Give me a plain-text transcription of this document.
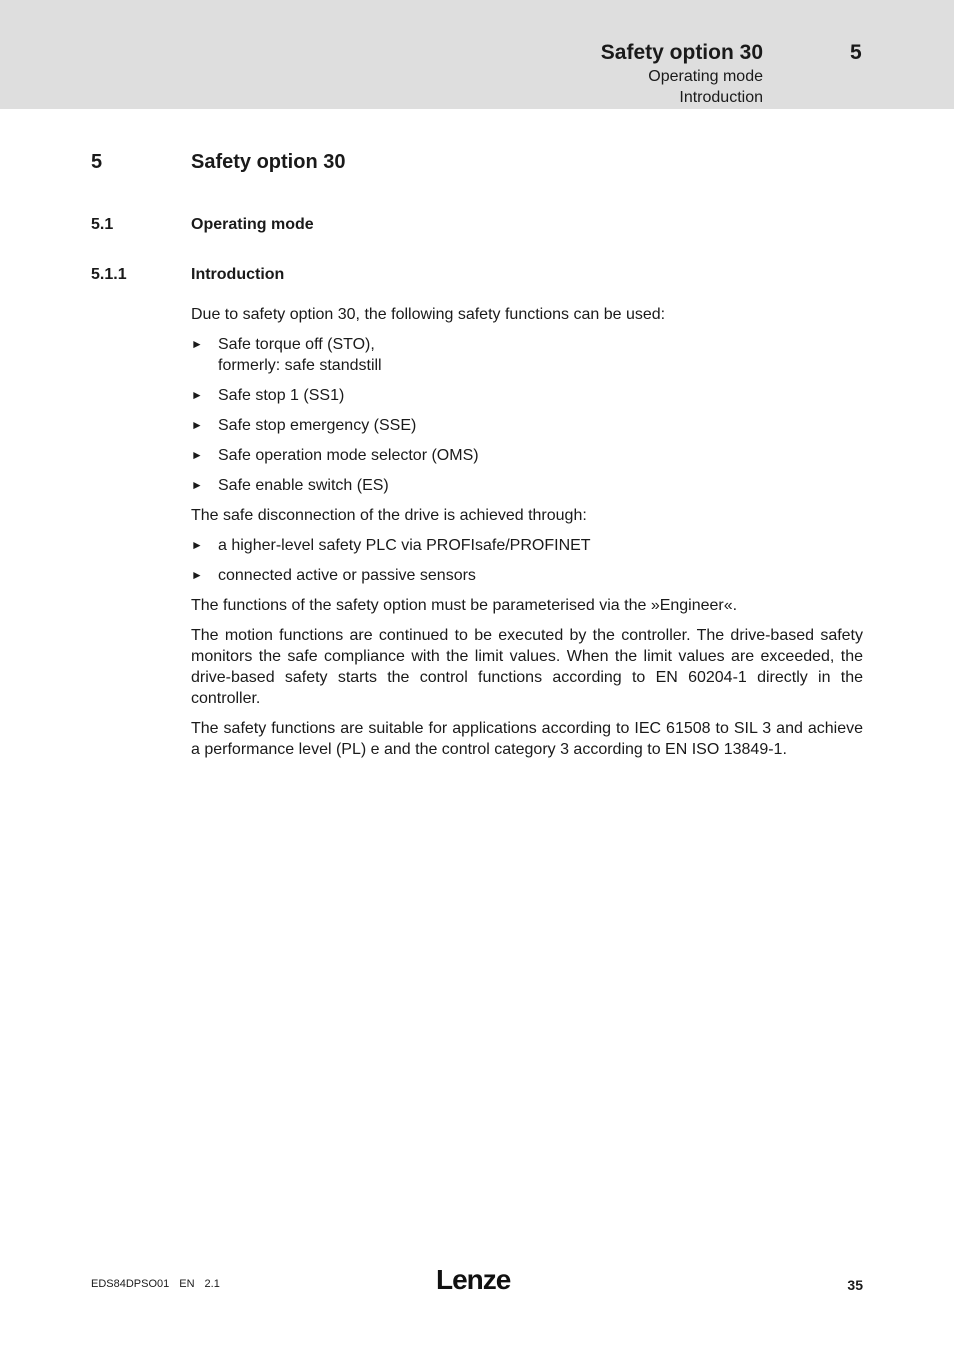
Safety option 30	5
Operating mode
Introduction
5	Safety option 30
5.1	Operating mode
5.1.1	Introduction

Due to safety option 30, the following safety functions can be used:

► Safe torque off (STO),
formerly: safe standstill
► Safe stop 1 (SS1)
► Safe stop emergency (SSE)
► Safe operation mode selector (OMS)
► Safe enable switch (ES)

The safe disconnection of the drive is achieved through:

► a higher-level safety PLC via PROFIsafe/PROFINET
► connected active or passive sensors

The functions of the safety option must be parameterised via the »Engineer«.

The motion functions are continued to be executed by the controller. The drive-based safety monitors the safe compliance with the limit values. When the limit values are exceeded, the drive-based safety starts the control functions according to EN 60204-1 directly in the controller.

The safety functions are suitable for applications according to IEC 61508 to SIL 3 and achieve a performance level (PL) e and the control category 3 according to EN ISO 13849-1.

EDS84DPSO01 EN 2.1	Lenze	35
